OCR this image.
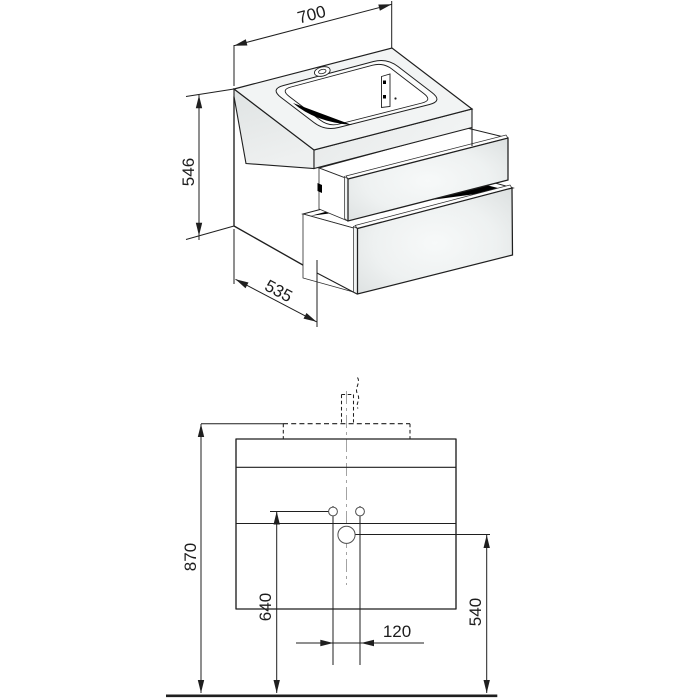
700
546
535
870
640	540
120
